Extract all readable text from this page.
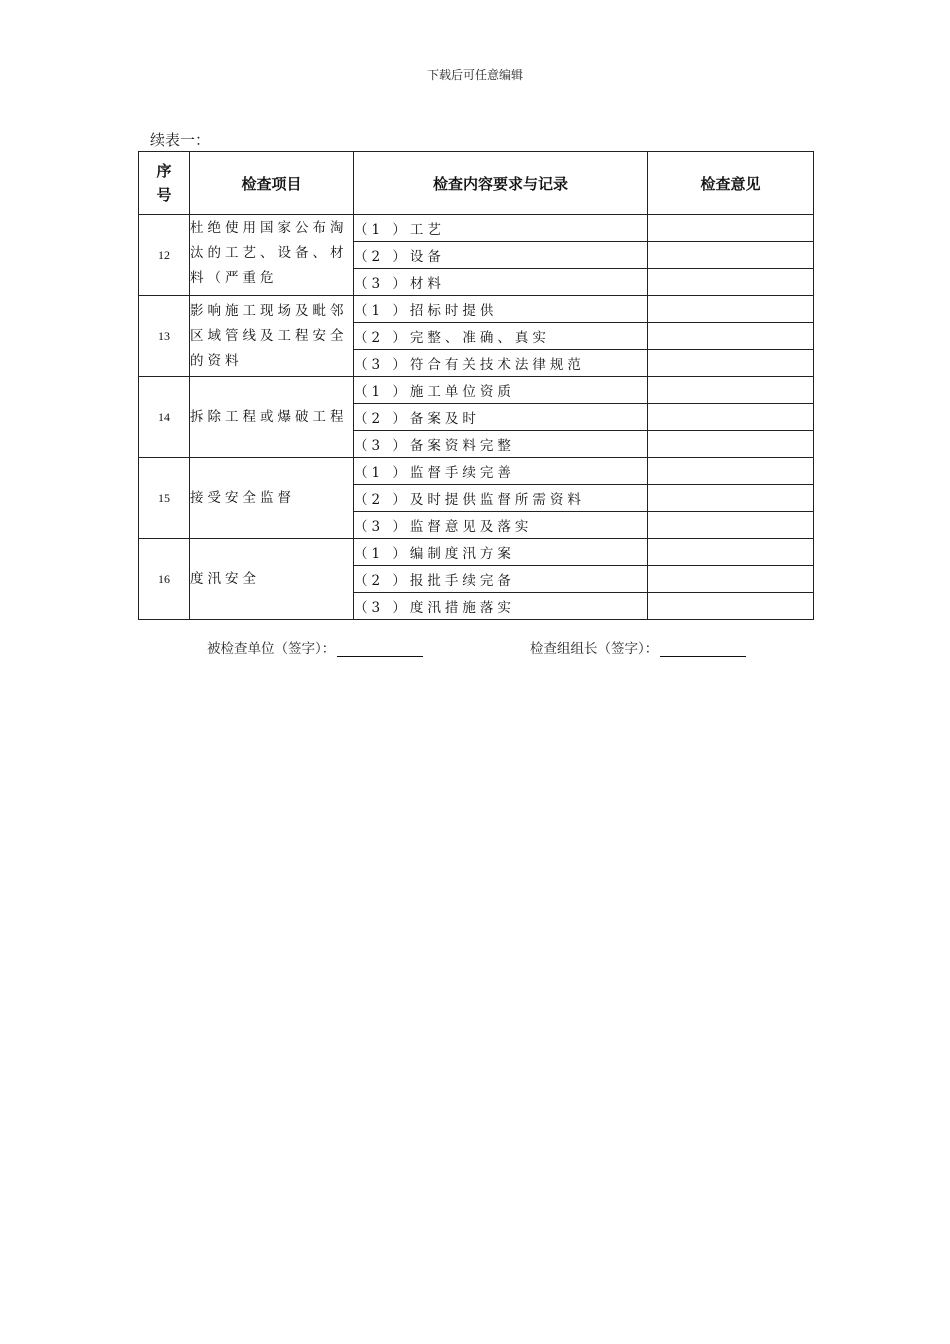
下载后可任意编辑
续表一：
序
号	检查项目	检查内容要求与记录	检查意见
12	杜绝使用国家公布淘汰的工艺、设备、材料（严重危	（1 ）工艺	
		（2 ）设备	
		（3 ）材料	
13	影响施工现场及毗邻区域管线及工程安全的资料	（1 ）招标时提供	
		（2 ）完整、准确、真实	
		（3 ）符合有关技术法律规范	
14	拆除工程或爆破工程	（1 ）施工单位资质	
		（2 ）备案及时	
		（3 ）备案资料完整	
15	接受安全监督	（1 ）监督手续完善	
		（2 ）及时提供监督所需资料	
		（3 ）监督意见及落实	
16	度汛安全	（1 ）编制度汛方案	
		（2 ）报批手续完备	
		（3 ）度汛措施落实	
被检查单位（签字）：	检查组组长（签字）：
